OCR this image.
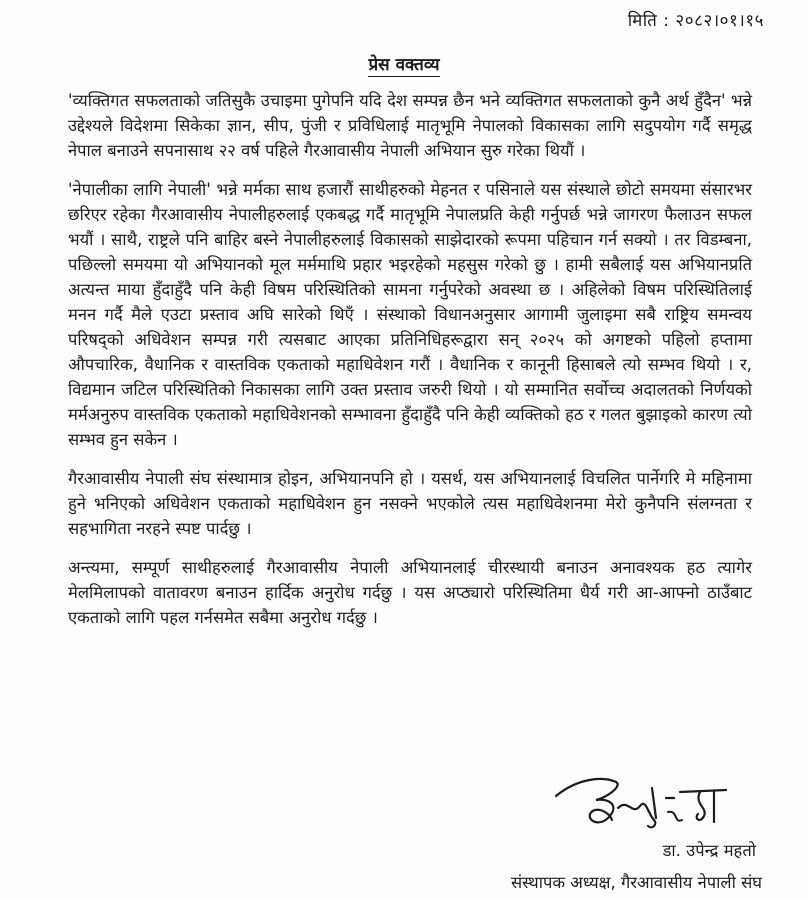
मिति : २०८२।०१।१५
प्रेस वक्तव्य

'व्यक्तिगत सफलताको जतिसुकै उचाइमा पुगेपनि यदि देश सम्पन्न छैन भने व्यक्तिगत सफलताको कुनै अर्थ हुँदैन' भन्ने उद्देश्यले विदेशमा सिकेका ज्ञान, सीप, पुंजी र प्रविधिलाई मातृभूमि नेपालको विकासका लागि सदुपयोग गर्दै समृद्ध नेपाल बनाउने सपनासाथ २२ वर्ष पहिले गैरआवासीय नेपाली अभियान सुरु गरेका थियौं ।

'नेपालीका लागि नेपाली' भन्ने मर्मका साथ हजारौं साथीहरुको मेहनत र पसिनाले यस संस्थाले छोटो समयमा संसारभर छरिएर रहेका गैरआवासीय नेपालीहरुलाई एकबद्ध गर्दै मातृभूमि नेपालप्रति केही गर्नुपर्छ भन्ने जागरण फैलाउन सफल भयौं । साथै, राष्ट्रले पनि बाहिर बस्ने नेपालीहरुलाई विकासको साझेदारको रूपमा पहिचान गर्न सक्यो । तर विडम्बना, पछिल्लो समयमा यो अभियानको मूल मर्ममाथि प्रहार भइरहेको महसुस गरेको छु । हामी सबैलाई यस अभियानप्रति अत्यन्त माया हुँदाहुँदै पनि केही विषम परिस्थितिको सामना गर्नुपरेको अवस्था छ । अहिलेको विषम परिस्थितिलाई मनन गर्दै मैले एउटा प्रस्ताव अघि सारेको थिएँ । संस्थाको विधानअनुसार आगामी जुलाइमा सबै राष्ट्रिय समन्वय परिषद्को अधिवेशन सम्पन्न गरी त्यसबाट आएका प्रतिनिधिहरूद्वारा सन् २०२५ को अगष्टको पहिलो हप्तामा औपचारिक, वैधानिक र वास्तविक एकताको महाधिवेशन गरौं । वैधानिक र कानूनी हिसाबले त्यो सम्भव थियो । र, विद्यमान जटिल परिस्थितिको निकासका लागि उक्त प्रस्ताव जरुरी थियो । यो सम्मानित सर्वोच्च अदालतको निर्णयको मर्मअनुरुप वास्तविक एकताको महाधिवेशनको सम्भावना हुँदाहुँदै पनि केही व्यक्तिको हठ र गलत बुझाइको कारण त्यो सम्भव हुन सकेन ।

गैरआवासीय नेपाली संघ संस्थामात्र होइन, अभियानपनि हो । यसर्थ, यस अभियानलाई विचलित पार्नेगरि मे महिनामा हुने भनिएको अधिवेशन एकताको महाधिवेशन हुन नसक्ने भएकोले त्यस महाधिवेशनमा मेरो कुनैपनि संलग्नता र सहभागिता नरहने स्पष्ट पार्दछु ।

अन्त्यमा, सम्पूर्ण साथीहरुलाई गैरआवासीय नेपाली अभियानलाई चीरस्थायी बनाउन अनावश्यक हठ त्यागेर मेलमिलापको वातावरण बनाउन हार्दिक अनुरोध गर्दछु । यस अप्ठ्यारो परिस्थितिमा धैर्य गरी आ-आफ्नो ठाउँबाट एकताको लागि पहल गर्नसमेत सबैमा अनुरोध गर्दछु ।

डा. उपेन्द्र महतो
संस्थापक अध्यक्ष, गैरआवासीय नेपाली संघ
